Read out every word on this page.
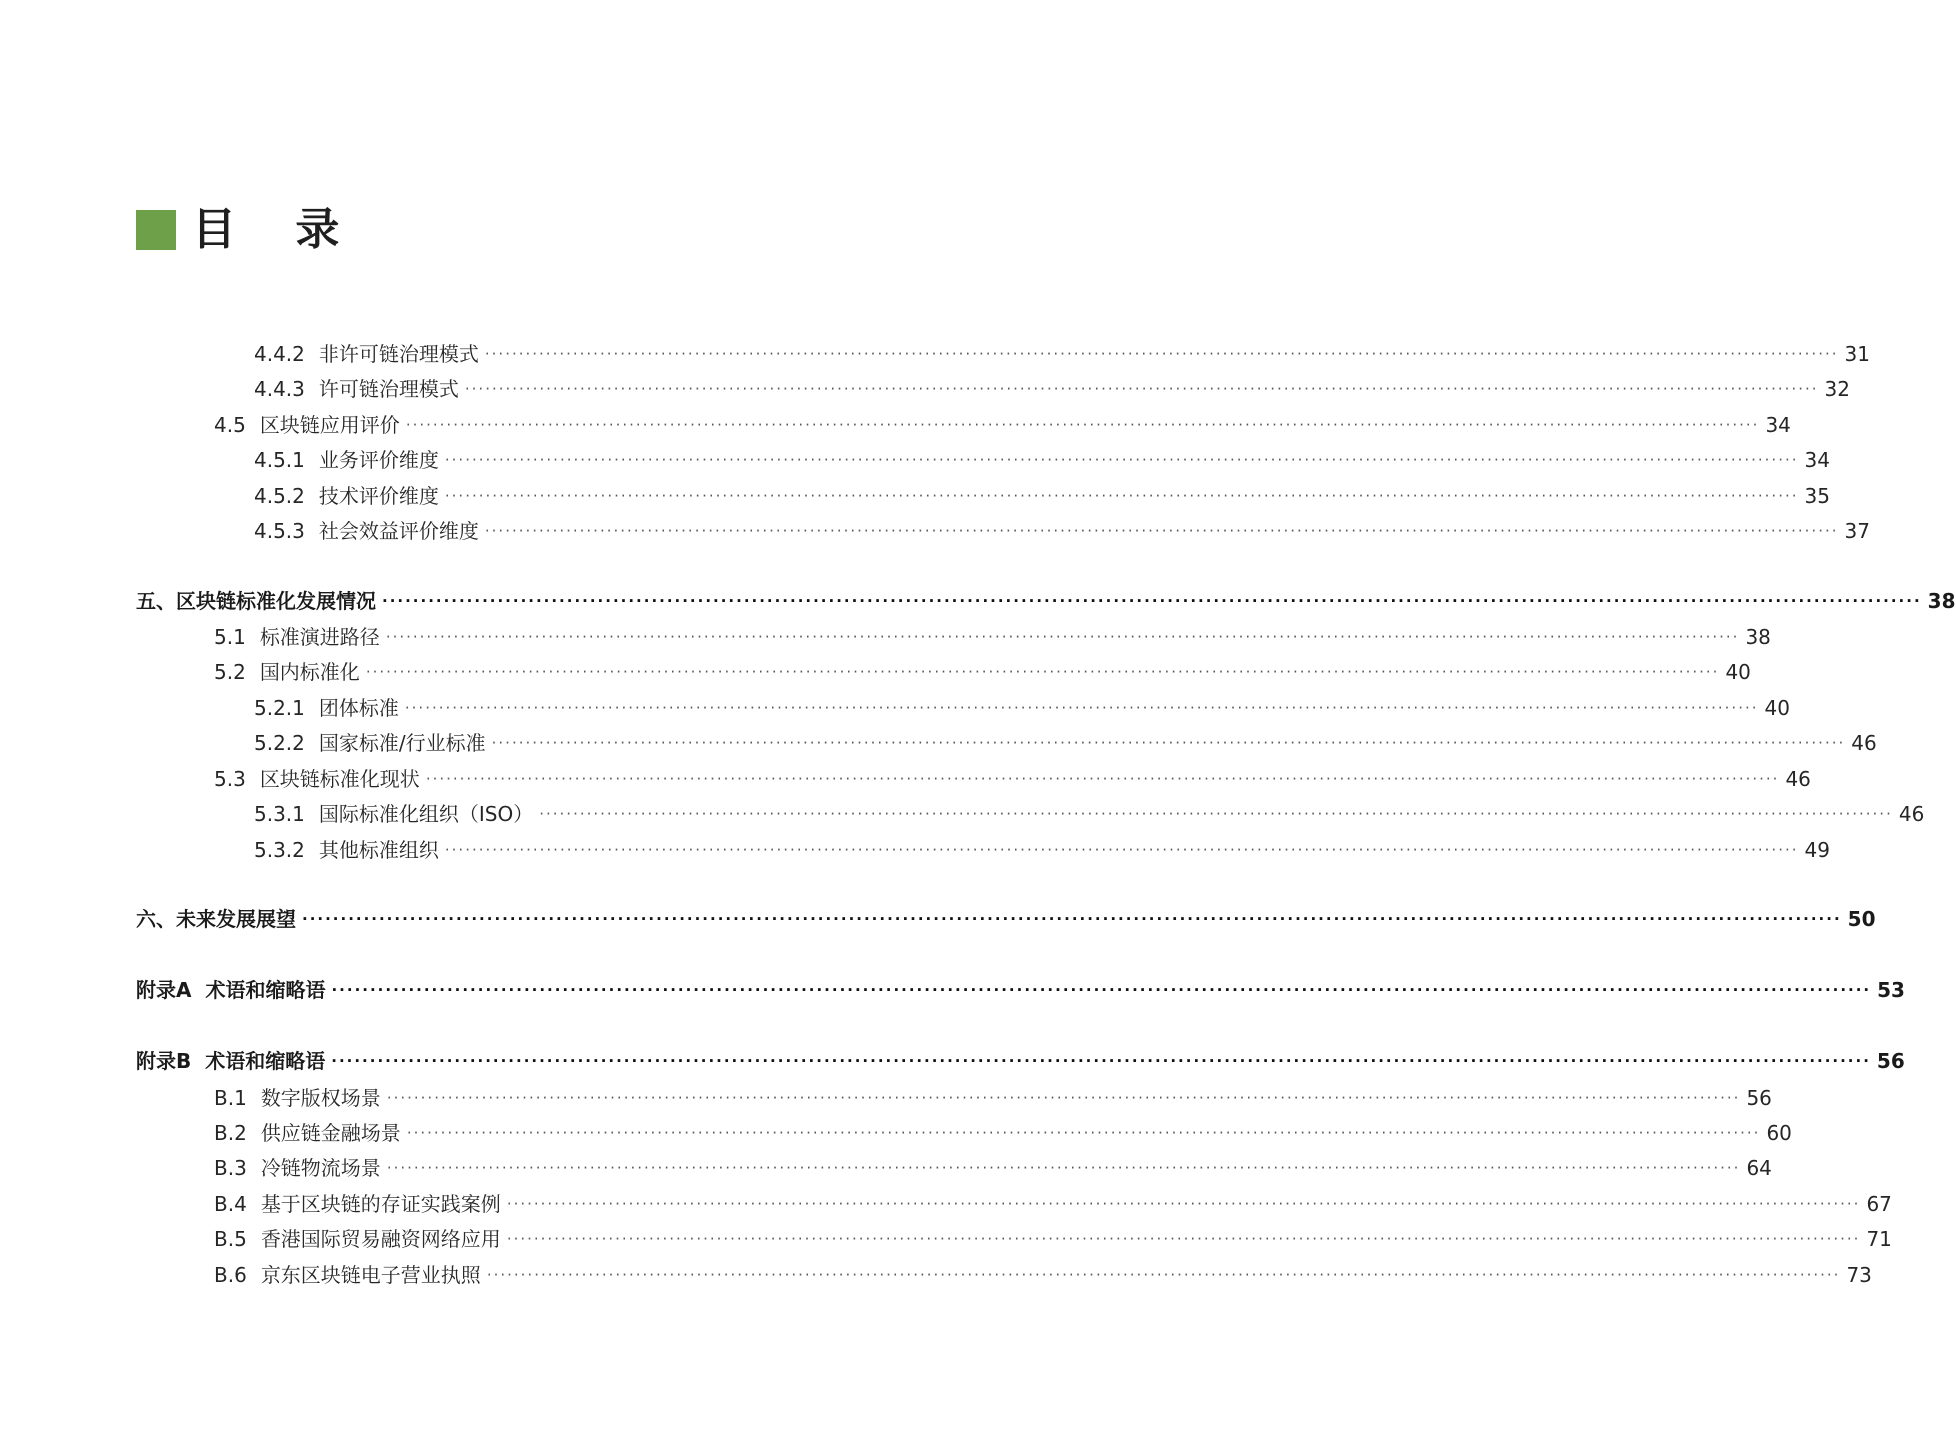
目 录
4.4.2 非许可链治理模式 ········································································································································································································ 31
4.4.3 许可链治理模式 ········································································································································································································ 32
4.5 区块链应用评价 ········································································································································································································ 34
4.5.1 业务评价维度 ········································································································································································································ 34
4.5.2 技术评价维度 ········································································································································································································ 35
4.5.3 社会效益评价维度 ········································································································································································································ 37
五、 区块链标准化发展情况 ········································································································································································································ 38
5.1 标准演进路径 ········································································································································································································ 38
5.2 国内标准化 ········································································································································································································ 40
5.2.1 团体标准 ········································································································································································································ 40
5.2.2 国家标准/行业标准 ········································································································································································································ 46
5.3 区块链标准化现状 ········································································································································································································ 46
5.3.1 国际标准化组织（ISO） ········································································································································································································ 46
5.3.2 其他标准组织 ········································································································································································································ 49
六、 未来发展展望 ········································································································································································································ 50
附录A 术语和缩略语 ········································································································································································································ 53
附录B 术语和缩略语 ········································································································································································································ 56
B.1 数字版权场景 ········································································································································································································ 56
B.2 供应链金融场景 ········································································································································································································ 60
B.3 冷链物流场景 ········································································································································································································ 64
B.4 基于区块链的存证实践案例 ········································································································································································································ 67
B.5 香港国际贸易融资网络应用 ········································································································································································································ 71
B.6 京东区块链电子营业执照 ········································································································································································································ 73
